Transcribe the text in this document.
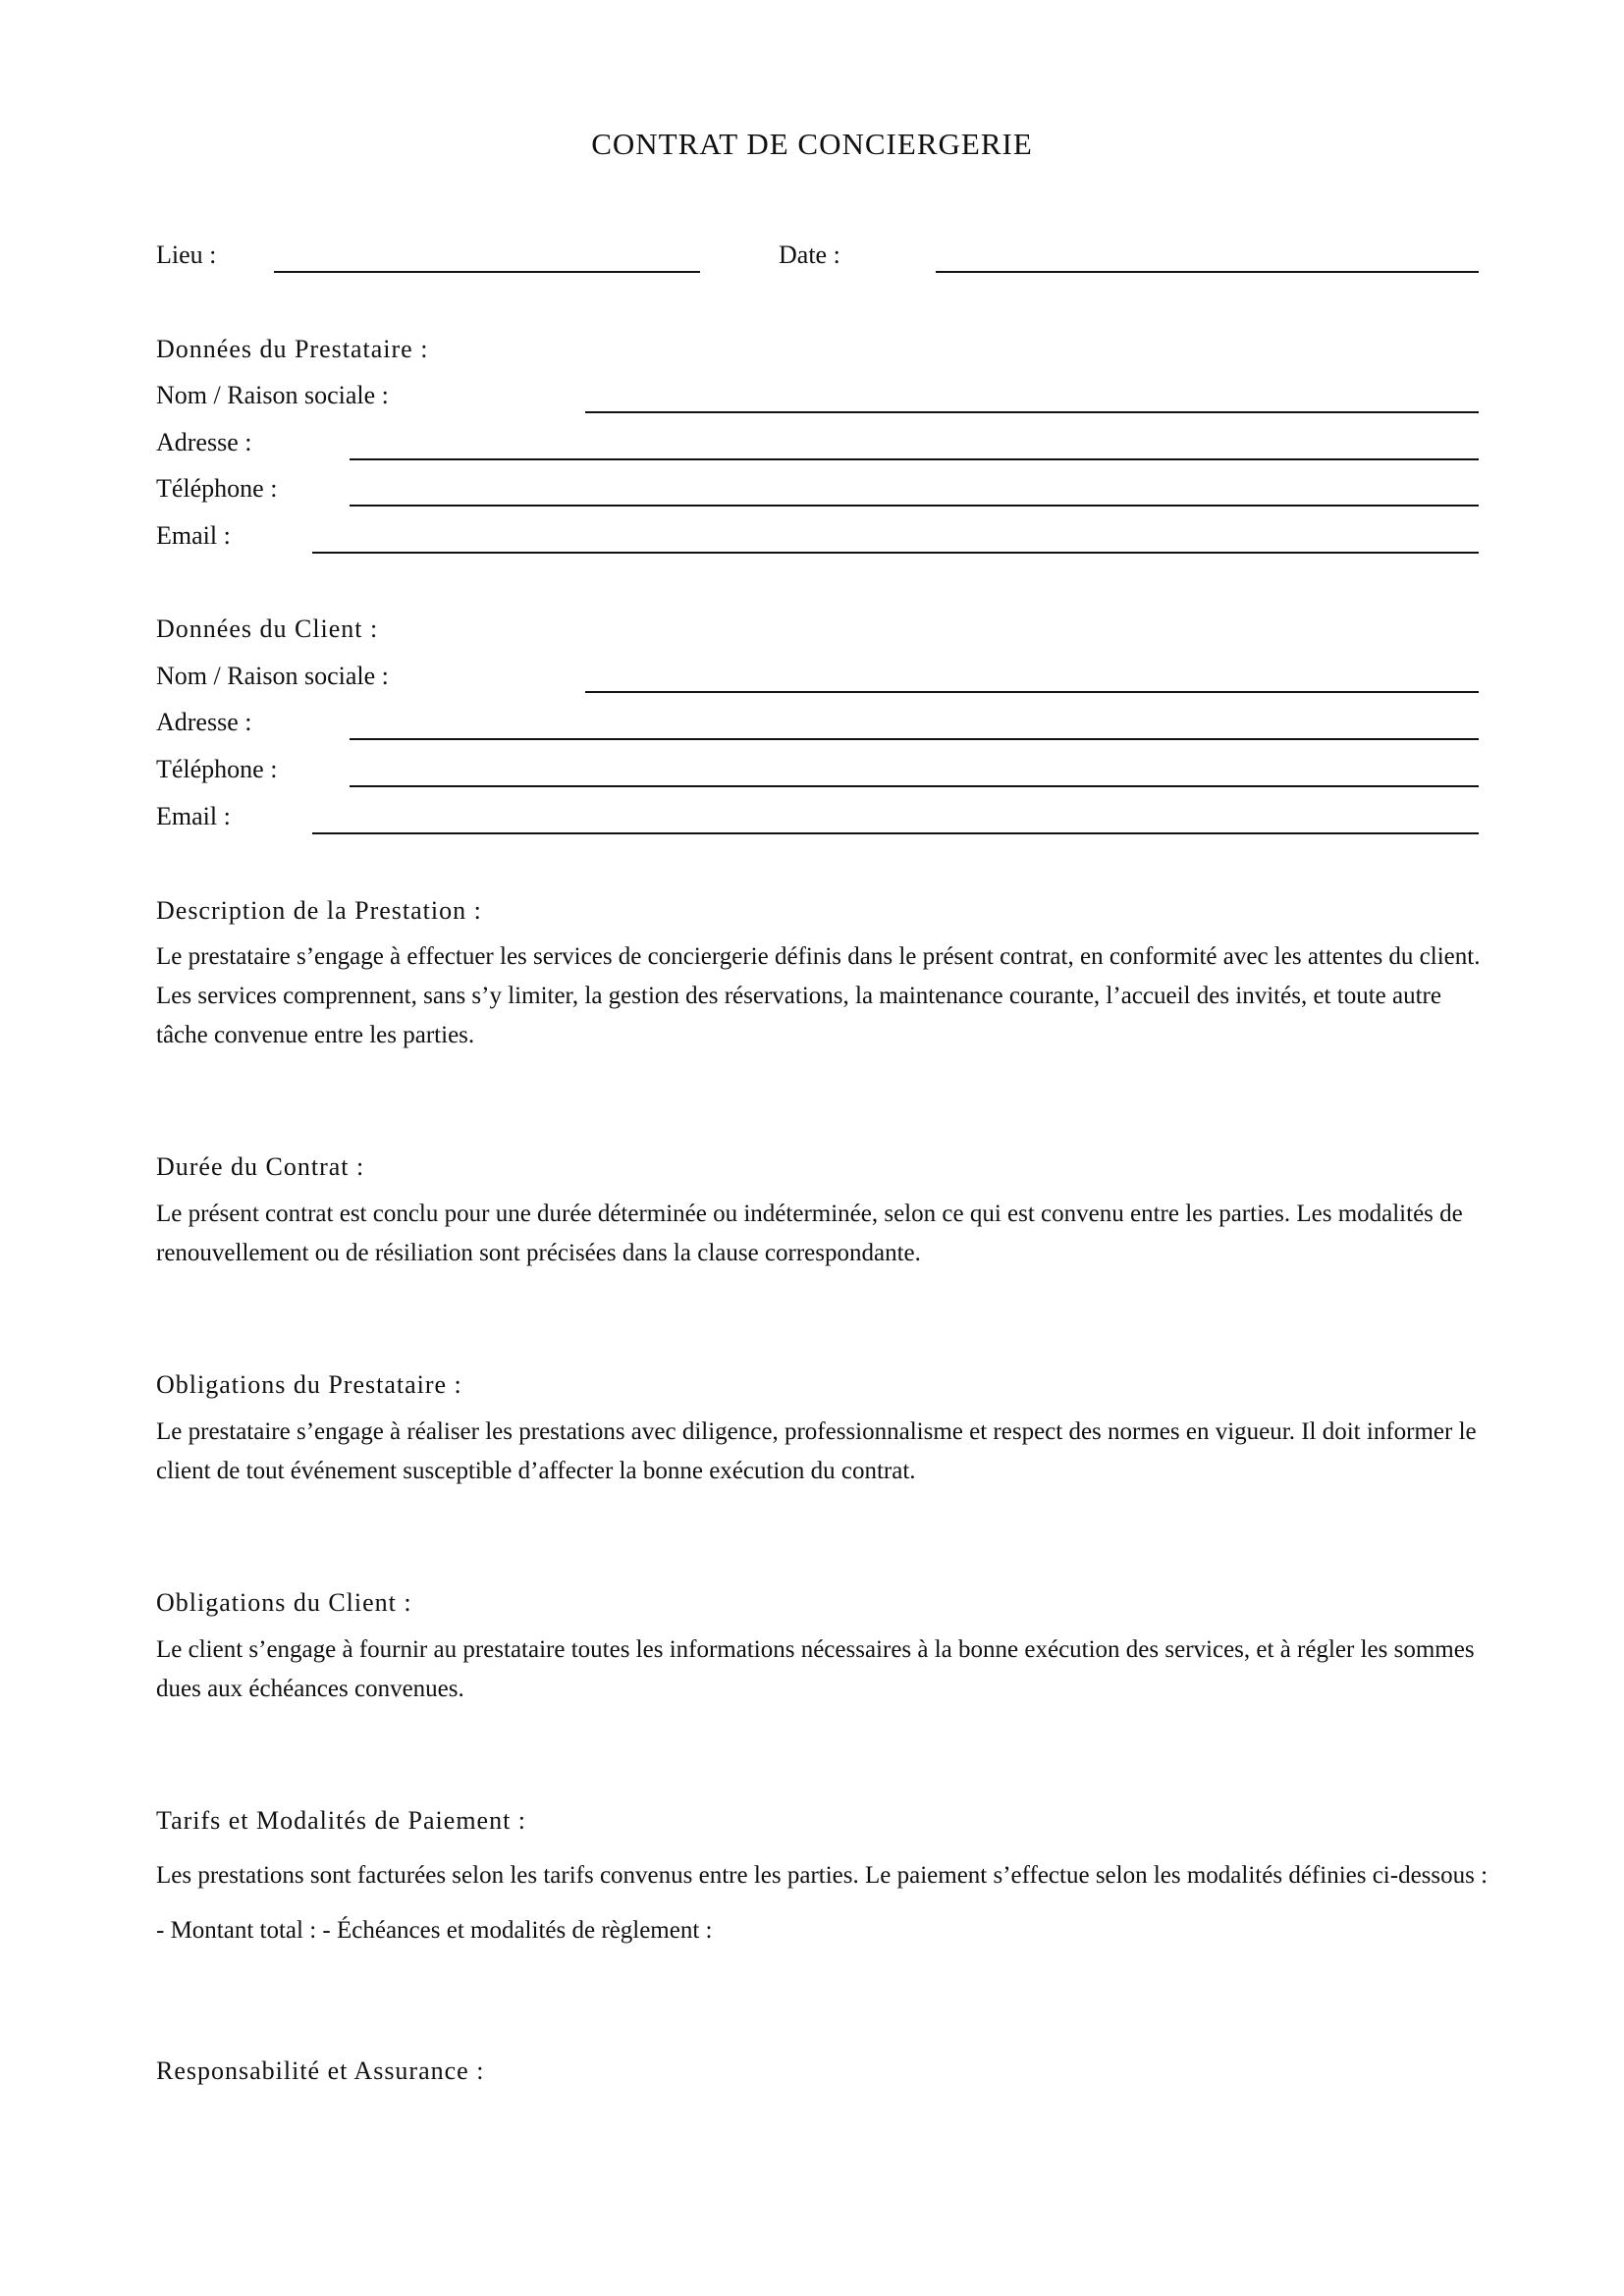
CONTRAT DE CONCIERGERIE
Lieu :	Date :
Données du Prestataire :
Nom / Raison sociale :
Adresse :
Téléphone :
Email :
Données du Client :
Nom / Raison sociale :
Adresse :
Téléphone :
Email :
Description de la Prestation :
Le prestataire s’engage à effectuer les services de conciergerie définis dans le présent contrat, en conformité avec les attentes du client. Les services comprennent, sans s’y limiter, la gestion des réservations, la maintenance courante, l’accueil des invités, et toute autre tâche convenue entre les parties.
Durée du Contrat :
Le présent contrat est conclu pour une durée déterminée ou indéterminée, selon ce qui est convenu entre les parties. Les modalités de renouvellement ou de résiliation sont précisées dans la clause correspondante.
Obligations du Prestataire :
Le prestataire s’engage à réaliser les prestations avec diligence, professionnalisme et respect des normes en vigueur. Il doit informer le client de tout événement susceptible d’affecter la bonne exécution du contrat.
Obligations du Client :
Le client s’engage à fournir au prestataire toutes les informations nécessaires à la bonne exécution des services, et à régler les sommes dues aux échéances convenues.
Tarifs et Modalités de Paiement :
Les prestations sont facturées selon les tarifs convenus entre les parties. Le paiement s’effectue selon les modalités définies ci-dessous : - Montant total : - Échéances et modalités de règlement :
Responsabilité et Assurance :
